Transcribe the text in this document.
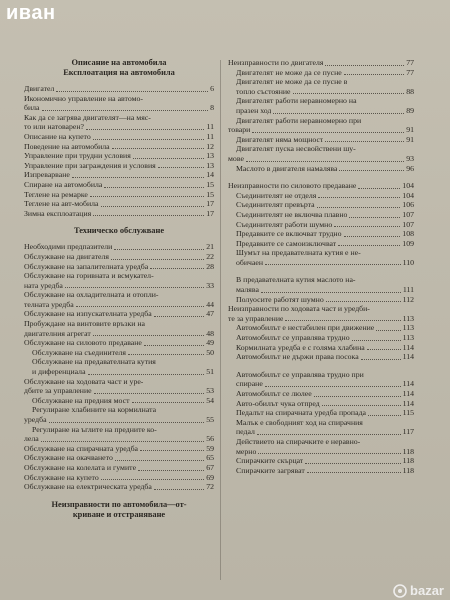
иван
Описание на автомобила
Експлоатация на автомобила
Двигател	6
Икономично управление на автомо-
била	8
Как да се загрява двигателят—на мяс-
то или натоварен?	11
Описание на купето	11
Поведение на автомобила	12
Управление при трудни условия	13
Управление при заграждения и условия	13
Изпреварване	14
Спиране на автомобила	15
Теглене на ремарке	15
Теглене на авт-мобила	17
Зимна експлоатация	17
Техническо обслужване
Необходими предпазители	21
Обслужване на двигателя	22
Обслужване на запалителната уредба	28
Обслужване на горивната и всмукател-
ната уредба	33
Обслужване на охладителната и отопли-
телната уредба	44
Обслужване на изпускателната уредба	47
Пробуждане на винтовите връзки на
двигателния агрегат	48
Обслужване на силовото предаване	49
Обслужване на съединителя	50
Обслужване на предавателната кутия
и диференциала	51
Обслужване на ходовата част и уре-
дбите за управление	53
Обслужване на предния мост	54
Регулиране хлабините на кормилната
уредба	55
Регулиране на ъглите на предните ко-
лела	56
Обслужване на спирачната уредба	59
Обслужване на окачването	65
Обслужване на колелата и гумите	67
Обслужване на купето	69
Обслужване на електрическата уредба	72
Неизправности по автомобила—от-
криване и отстраняване
Неизправности по двигателя	77
Двигателят не може да се пусне	77
Двигателят не може да се пусне в
топло състояние	88
Двигателят работи неравномерно на
празен ход	89
Двигателят работи неравномерно при
товари	91
Двигателят няма мощност	91
Двигателят пуска несвойствени шу-
мове	93
Маслото в двигателя намалява	96
Неизправности по силовото предаване	104
Съединителят не отделя	104
Съединителят превърта	106
Съединителят не включва плавно	107
Съединителят работи шумно	107
Предавките се включват трудно	108
Предавките се самоизключват	109
Шумът на предавателната кутия е не-
обичаен	110
В предавателната кутия маслото на-
малява	111
Полуосите работят шумно	112
Неизправности по ходовата част и уредби-
те за управление	113
Автомобилът е нестабилен при движение	113
Автомобилът се управлява трудно	113
Кормилната уредба е с голяма хлабина	114
Автомобилът не държи права посока	114
Автомобилът се управлява трудно при
спиране	114
Автомобилът се люлее	114
Авто-обилът чука отпред	114
Педалът на спирачната уредба пропада	115
Малък е свободният ход на спирачния
педал	117
Действието на спирачките е неравно-
мерно	118
Спирачките скърцат	118
Спирачките загряват	118
bazar
